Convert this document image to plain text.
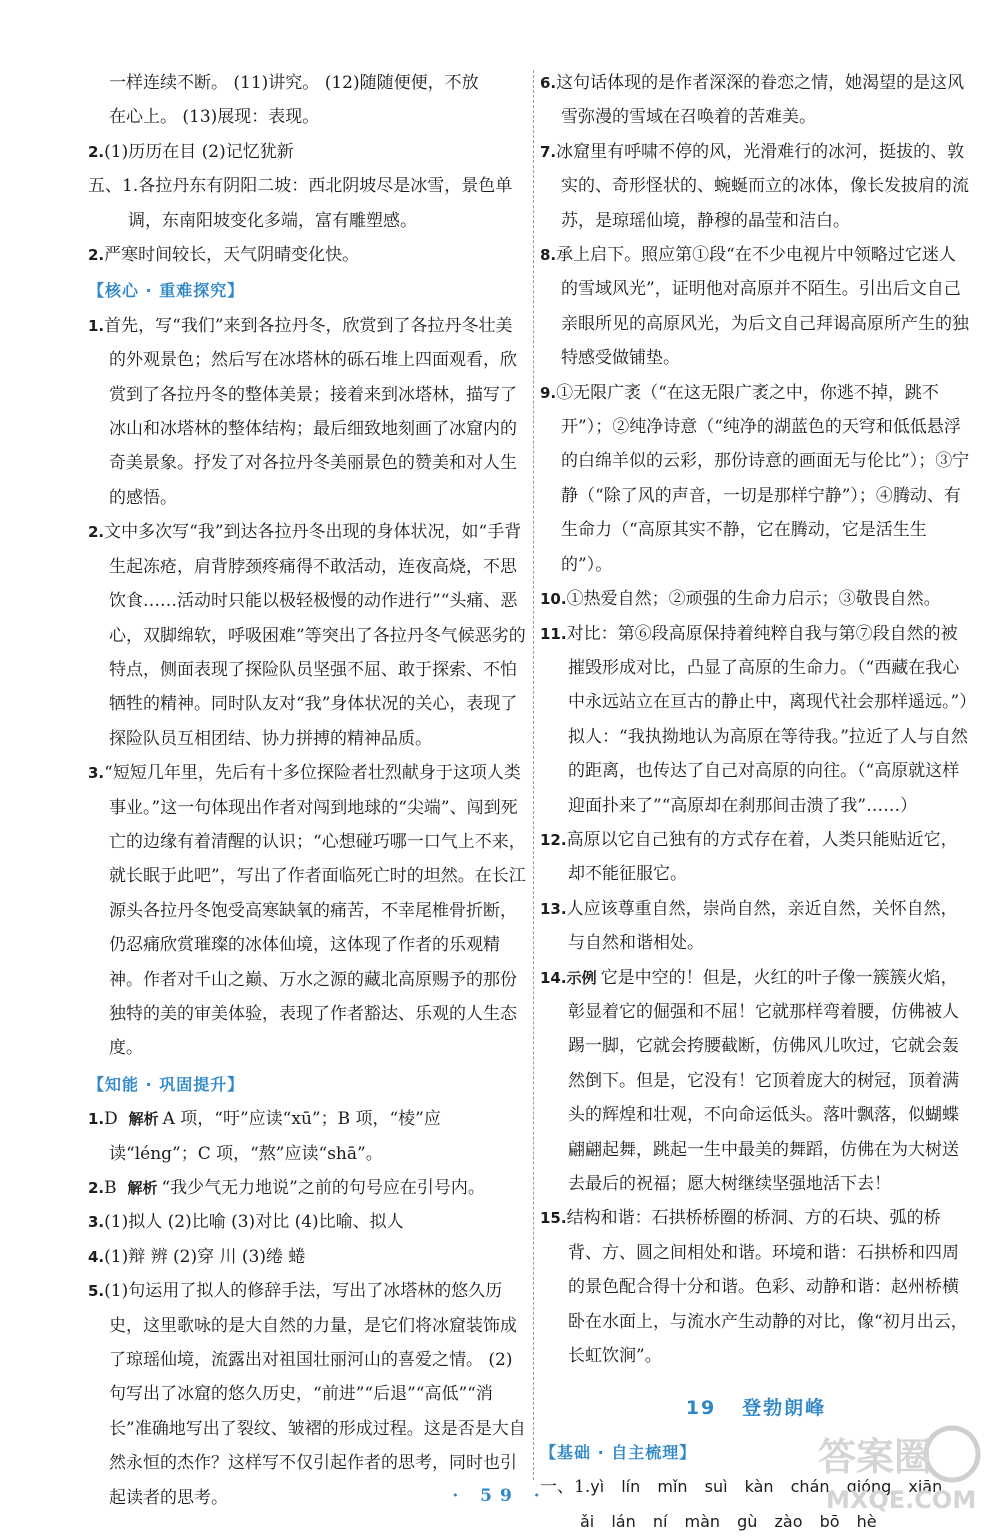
一样连续不断。 (11)讲究。 (12)随随便便，不放

在心上。 (13)展现：表现。

2.(1)历历在目 (2)记忆犹新

五、1.各拉丹东有阴阳二坡：西北阴坡尽是冰雪，景色单调，东南阳坡变化多端，富有雕塑感。

2.严寒时间较长，天气阴晴变化快。

【核心 · 重难探究】

1.首先，写“我们”来到各拉丹冬，欣赏到了各拉丹冬壮美的外观景色；然后写在冰塔林的砾石堆上四面观看，欣赏到了各拉丹冬的整体美景；接着来到冰塔林，描写了冰山和冰塔林的整体结构；最后细致地刻画了冰窟内的奇美景象。抒发了对各拉丹冬美丽景色的赞美和对人生的感悟。

2.文中多次写“我”到达各拉丹冬出现的身体状况，如“手背生起冻疮，肩背脖颈疼痛得不敢活动，连夜高烧，不思饮食……活动时只能以极轻极慢的动作进行”“头痛、恶心，双脚绵软，呼吸困难”等突出了各拉丹冬气候恶劣的特点，侧面表现了探险队员坚强不屈、敢于探索、不怕牺牲的精神。同时队友对“我”身体状况的关心，表现了探险队员互相团结、协力拼搏的精神品质。

3.“短短几年里，先后有十多位探险者壮烈献身于这项人类事业。”这一句体现出作者对闯到地球的“尖端”、闯到死亡的边缘有着清醒的认识；“心想碰巧哪一口气上不来，就长眠于此吧”，写出了作者面临死亡时的坦然。在长江源头各拉丹冬饱受高寒缺氧的痛苦，不幸尾椎骨折断，仍忍痛欣赏璀璨的冰体仙境，这体现了作者的乐观精神。作者对千山之巅、万水之源的藏北高原赐予的那份独特的美的审美体验，表现了作者豁达、乐观的人生态度。

【知能 · 巩固提升】

1.D 解析 A 项，“吁”应读“xū”；B 项，“棱”应读“léng”；C 项，“熬”应读“shā”。

2.B 解析 “我少气无力地说”之前的句号应在引号内。

3.(1)拟人 (2)比喻 (3)对比 (4)比喻、拟人

4.(1)辩 辨 (2)穿 川 (3)绻 蜷

5.(1)句运用了拟人的修辞手法，写出了冰塔林的悠久历史，这里歌咏的是大自然的力量，是它们将冰窟装饰成了琼瑶仙境，流露出对祖国壮丽河山的喜爱之情。 (2)句写出了冰窟的悠久历史，“前进”“后退”“高低”“消长”准确地写出了裂纹、皱褶的形成过程。这是否是大自然永恒的杰作？这样写不仅引起作者的思考，同时也引起读者的思考。

6.这句话体现的是作者深深的眷恋之情，她渴望的是这风雪弥漫的雪域在召唤着的苦难美。

7.冰窟里有呼啸不停的风，光滑难行的冰河，挺拔的、敦实的、奇形怪状的、蜿蜒而立的冰体，像长发披肩的流苏，是琼瑶仙境，静穆的晶莹和洁白。

8.承上启下。照应第①段“在不少电视片中领略过它迷人的雪域风光”，证明他对高原并不陌生。引出后文自己亲眼所见的高原风光，为后文自己拜谒高原所产生的独特感受做铺垫。

9.①无限广袤（“在这无限广袤之中，你逃不掉，跳不开”）；②纯净诗意（“纯净的湖蓝色的天穹和低低悬浮的白绵羊似的云彩，那份诗意的画面无与伦比”）；③宁静（“除了风的声音，一切是那样宁静”）；④腾动、有生命力（“高原其实不静，它在腾动，它是活生生的”）。

10.①热爱自然；②顽强的生命力启示；③敬畏自然。

11.对比：第⑥段高原保持着纯粹自我与第⑦段自然的被摧毁形成对比，凸显了高原的生命力。（“西藏在我心中永远站立在亘古的静止中，离现代社会那样遥远。”）

拟人：“我执拗地认为高原在等待我。”拉近了人与自然的距离，也传达了自己对高原的向往。（“高原就这样迎面扑来了”“高原却在刹那间击溃了我”……）

12.高原以它自己独有的方式存在着，人类只能贴近它，却不能征服它。

13.人应该尊重自然，崇尚自然，亲近自然，关怀自然，与自然和谐相处。

14.示例 它是中空的！但是，火红的叶子像一簇簇火焰，彰显着它的倔强和不屈！它就那样弯着腰，仿佛被人踢一脚，它就会挎腰截断，仿佛风儿吹过，它就会轰然倒下。但是，它没有！它顶着庞大的树冠，顶着满头的辉煌和壮观，不向命运低头。落叶飘落，似蝴蝶翩翩起舞，跳起一生中最美的舞蹈，仿佛在为大树送去最后的祝福；愿大树继续坚强地活下去！

15.结构和谐：石拱桥桥圈的桥洞、方的石块、弧的桥背、方、圆之间相处和谐。环境和谐：石拱桥和四周的景色配合得十分和谐。色彩、动静和谐：赵州桥横卧在水面上，与流水产生动静的对比，像“初月出云，长虹饮涧”。

19 登勃朗峰

【基础 · 自主梳理】

一、1.yì lín mǐn suì kàn chán qióng xiān

ǎi lán ní màn gù zào bō hè

· 59 ·
答案圈
MXQE.COM
